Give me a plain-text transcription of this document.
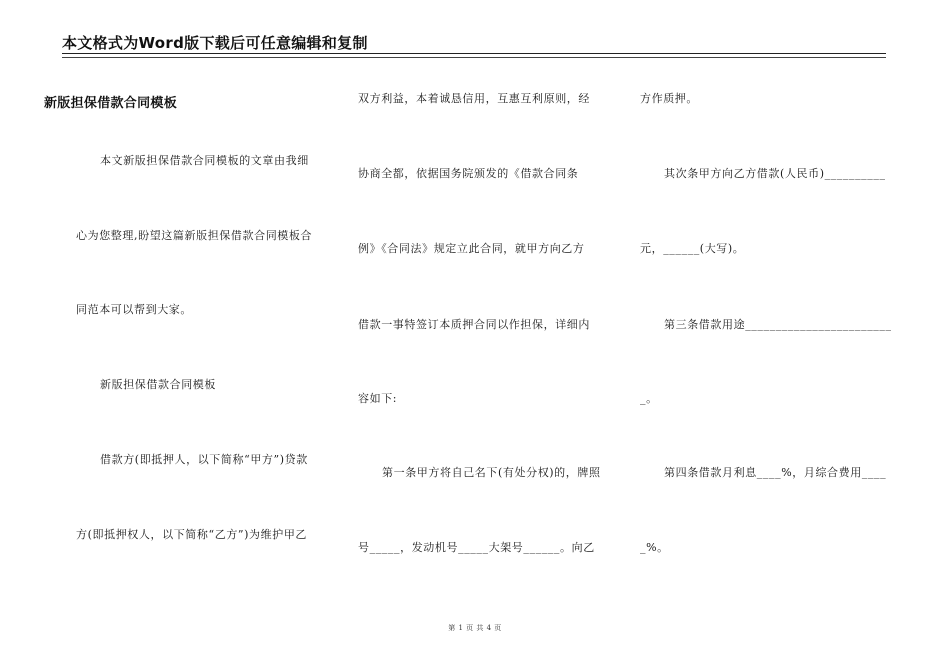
本文格式为Word版下载后可任意编辑和复制
新版担保借款合同模板
本文新版担保借款合同模板的文章由我细
心为您整理,盼望这篇新版担保借款合同模板合
同范本可以帮到大家。
新版担保借款合同模板
借款方(即抵押人，以下简称“甲方”)贷款
方(即抵押权人，以下简称“乙方”)为维护甲乙
双方利益，本着诚恳信用，互惠互利原则，经
协商全都，依据国务院颁发的《借款合同条
例》《合同法》规定立此合同，就甲方向乙方
借款一事特签订本质押合同以作担保，详细内
容如下:
第一条甲方将自己名下(有处分权)的，牌照
号_____，发动机号_____大架号______。向乙
方作质押。
其次条甲方向乙方借款(人民币)__________
元，______(大写)。
第三条借款用途________________________
_。
第四条借款月利息____%，月综合费用____
_%。
第 1 页 共 4 页
